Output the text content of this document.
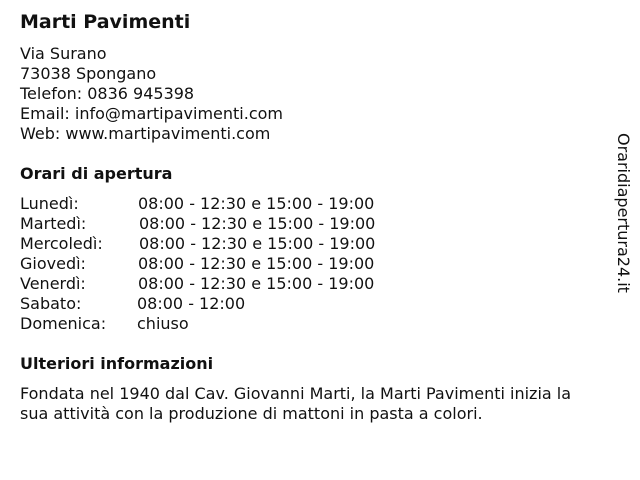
Marti Pavimenti
Via Surano
73038 Spongano
Telefon: 0836 945398
Email: info@martipavimenti.com
Web: www.martipavimenti.com
Orari di apertura
Lunedì:	08:00 - 12:30 e 15:00 - 19:00
Martedì:	08:00 - 12:30 e 15:00 - 19:00
Mercoledì: 08:00 - 12:30 e 15:00 - 19:00
Giovedì:	08:00 - 12:30 e 15:00 - 19:00
Venerdì:	08:00 - 12:30 e 15:00 - 19:00
Sabato:	08:00 - 12:00
Domenica: chiuso
Ulteriori informazioni
Fondata nel 1940 dal Cav. Giovanni Marti, la Marti Pavimenti inizia la
sua attività con la produzione di mattoni in pasta a colori.
Oraridiapertura24.it
